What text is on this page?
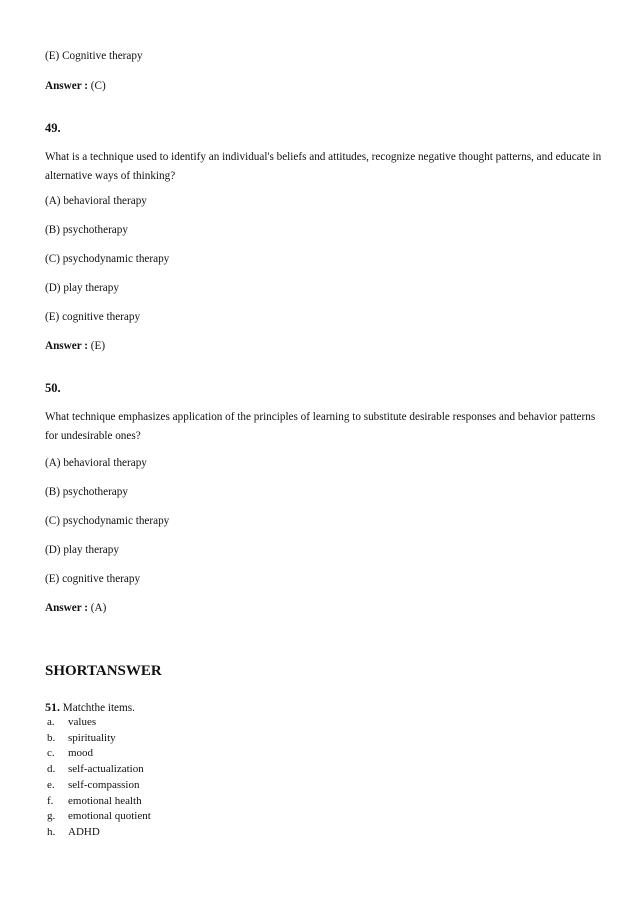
(E) Cognitive therapy
Answer : (C)
49.
What is a technique used to identify an individual's beliefs and attitudes, recognize negative thought patterns, and educate in alternative ways of thinking?
(A) behavioral therapy
(B) psychotherapy
(C) psychodynamic therapy
(D) play therapy
(E) cognitive therapy
Answer : (E)
50.
What technique emphasizes application of the principles of learning to substitute desirable responses and behavior patterns for undesirable ones?
(A) behavioral therapy
(B) psychotherapy
(C) psychodynamic therapy
(D) play therapy
(E) cognitive therapy
Answer : (A)
SHORTANSWER
51. Matchthe items.
a. values
b. spirituality
c. mood
d. self-actualization
e. self-compassion
f. emotional health
g. emotional quotient
h. ADHD
